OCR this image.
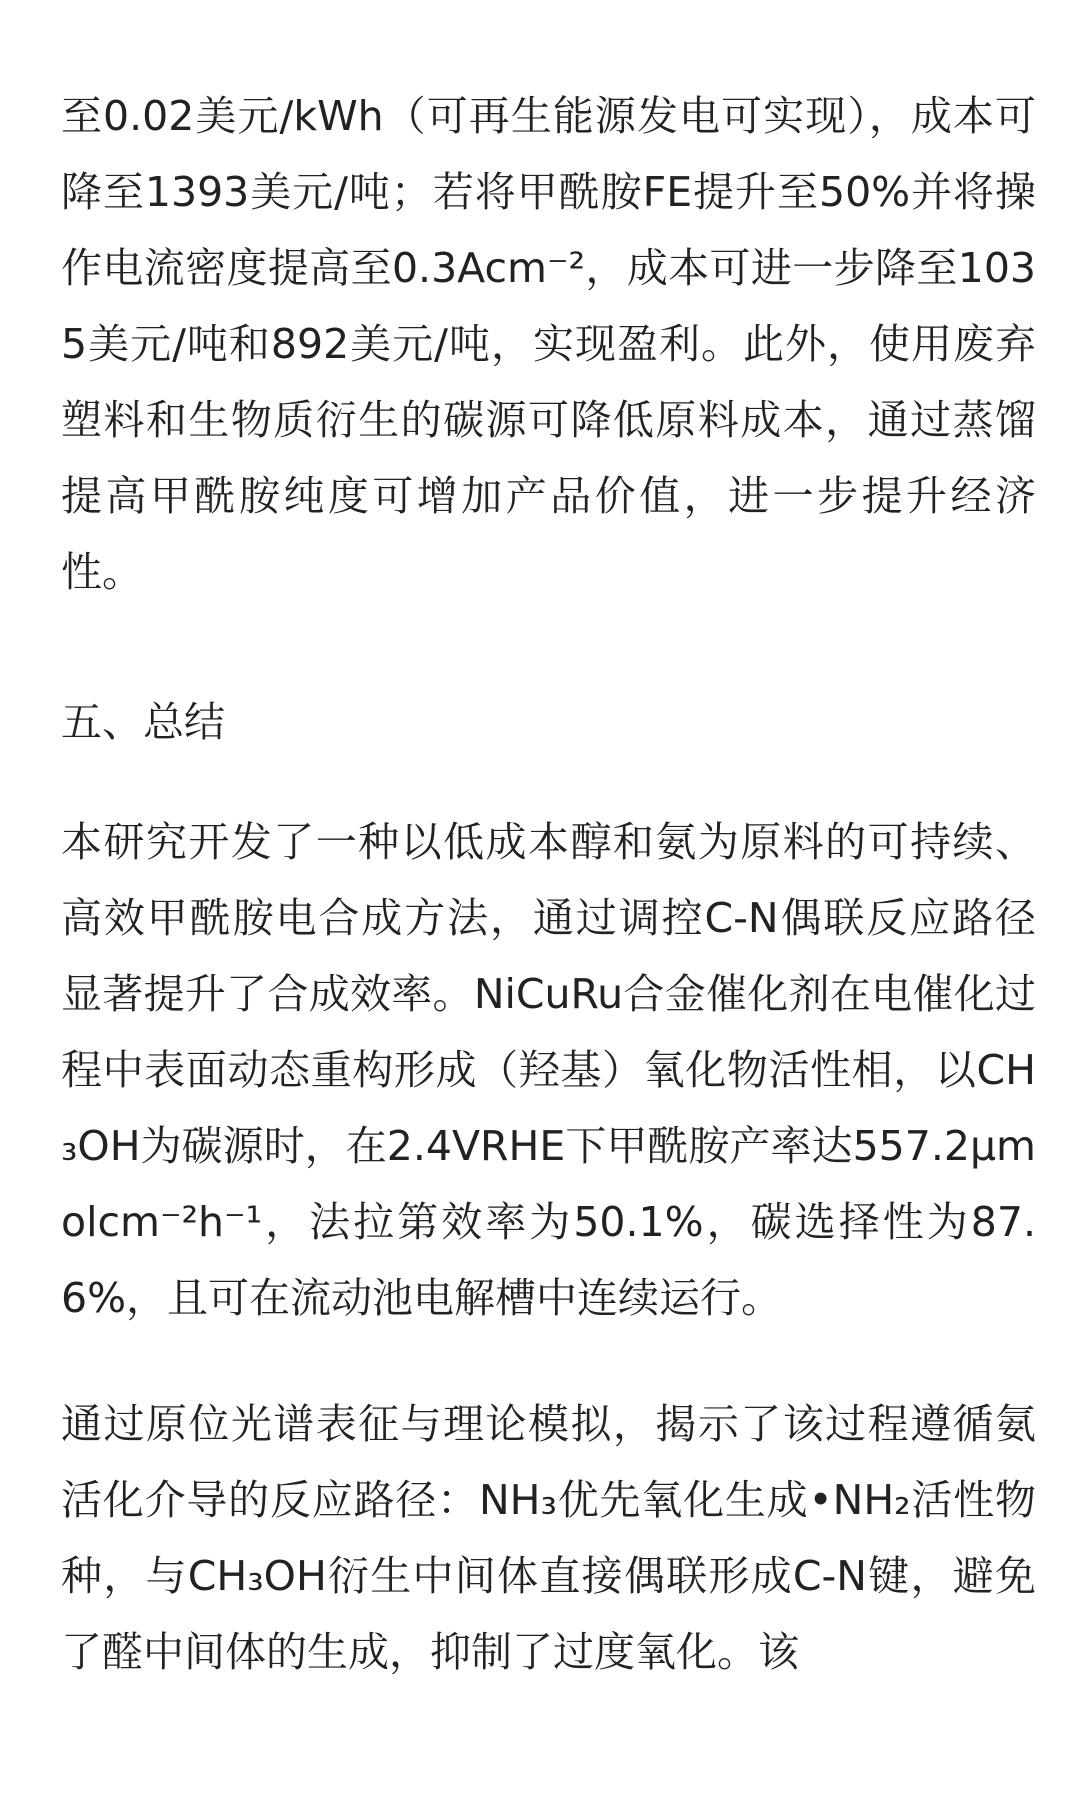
至0.02美元/kWh（可再生能源发电可实现），成本可降至1393美元/吨；若将甲酰胺FE提升至50%并将操作电流密度提高至0.3Acm⁻²，成本可进一步降至1035美元/吨和892美元/吨，实现盈利。此外，使用废弃塑料和生物质衍生的碳源可降低原料成本，通过蒸馏提高甲酰胺纯度可增加产品价值，进一步提升经济性。

五、总结

本研究开发了一种以低成本醇和氨为原料的可持续、高效甲酰胺电合成方法，通过调控C-N偶联反应路径显著提升了合成效率。NiCuRu合金催化剂在电催化过程中表面动态重构形成（羟基）氧化物活性相，以CH₃OH为碳源时，在2.4VRHE下甲酰胺产率达557.2μmolcm⁻²h⁻¹，法拉第效率为50.1%，碳选择性为87.6%，且可在流动池电解槽中连续运行。

通过原位光谱表征与理论模拟，揭示了该过程遵循氨活化介导的反应路径：NH₃优先氧化生成•NH₂活性物种，与CH₃OH衍生中间体直接偶联形成C-N键，避免了醛中间体的生成，抑制了过度氧化。该
